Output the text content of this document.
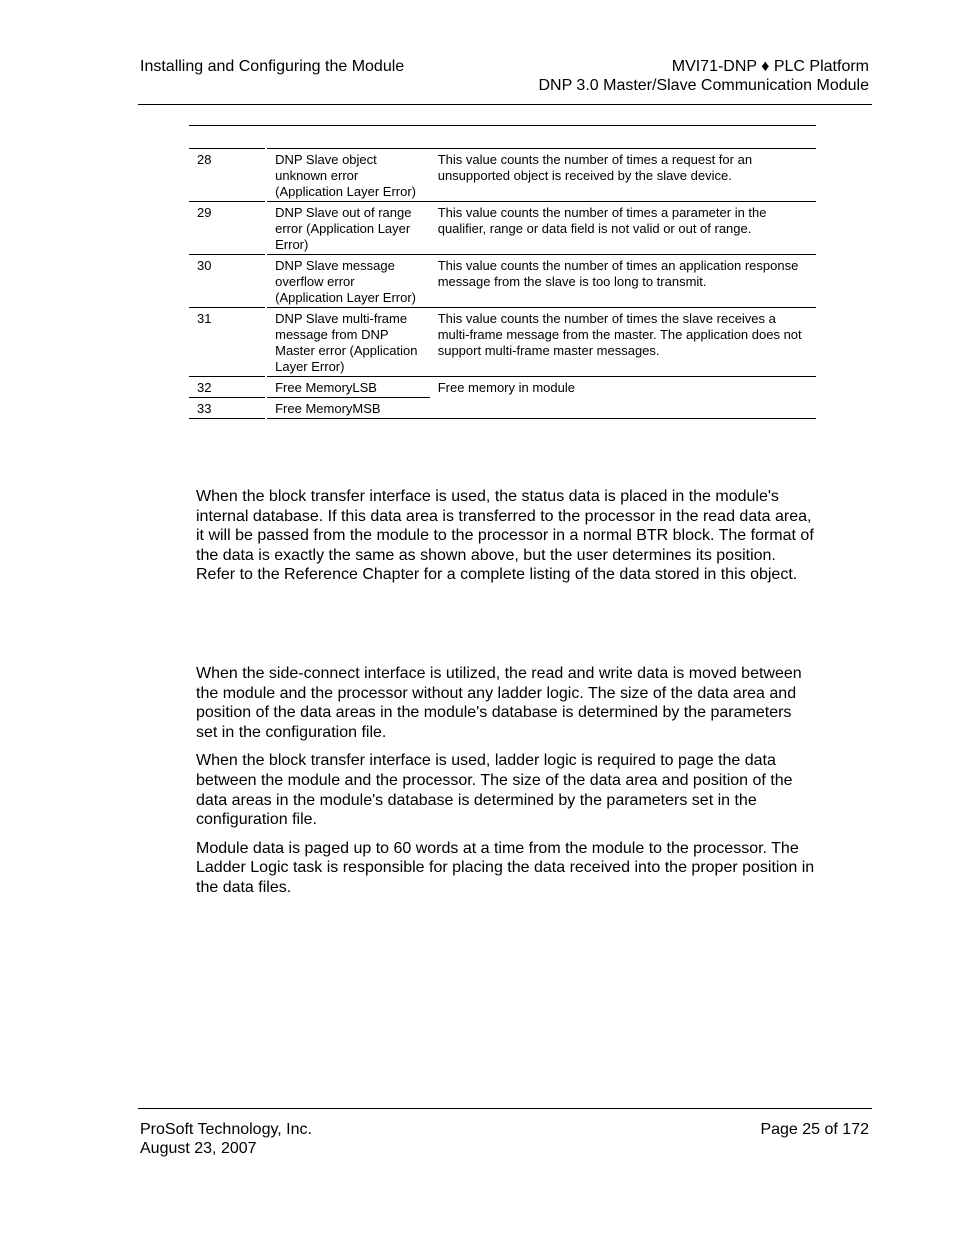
Installing and Configuring the Module	MVI71-DNP ♦ PLC Platform
DNP 3.0 Master/Slave Communication Module

28	DNP Slave object unknown error (Application Layer Error)	This value counts the number of times a request for an unsupported object is received by the slave device.
29	DNP Slave out of range error (Application Layer Error)	This value counts the number of times a parameter in the qualifier, range or data field is not valid or out of range.
30	DNP Slave message overflow error (Application Layer Error)	This value counts the number of times an application response message from the slave is too long to transmit.
31	DNP Slave multi-frame message from DNP Master error (Application Layer Error)	This value counts the number of times the slave receives a multi-frame message from the master. The application does not support multi-frame master messages.
32	Free MemoryLSB	Free memory in module
33	Free MemoryMSB	

When the block transfer interface is used, the status data is placed in the module's internal database. If this data area is transferred to the processor in the read data area, it will be passed from the module to the processor in a normal BTR block. The format of the data is exactly the same as shown above, but the user determines its position. Refer to the Reference Chapter for a complete listing of the data stored in this object.

When the side-connect interface is utilized, the read and write data is moved between the module and the processor without any ladder logic. The size of the data area and position of the data areas in the module's database is determined by the parameters set in the configuration file.

When the block transfer interface is used, ladder logic is required to page the data between the module and the processor. The size of the data area and position of the data areas in the module's database is determined by the parameters set in the configuration file.

Module data is paged up to 60 words at a time from the module to the processor. The Ladder Logic task is responsible for placing the data received into the proper position in the data files.

ProSoft Technology, Inc.
August 23, 2007
Page 25 of 172
